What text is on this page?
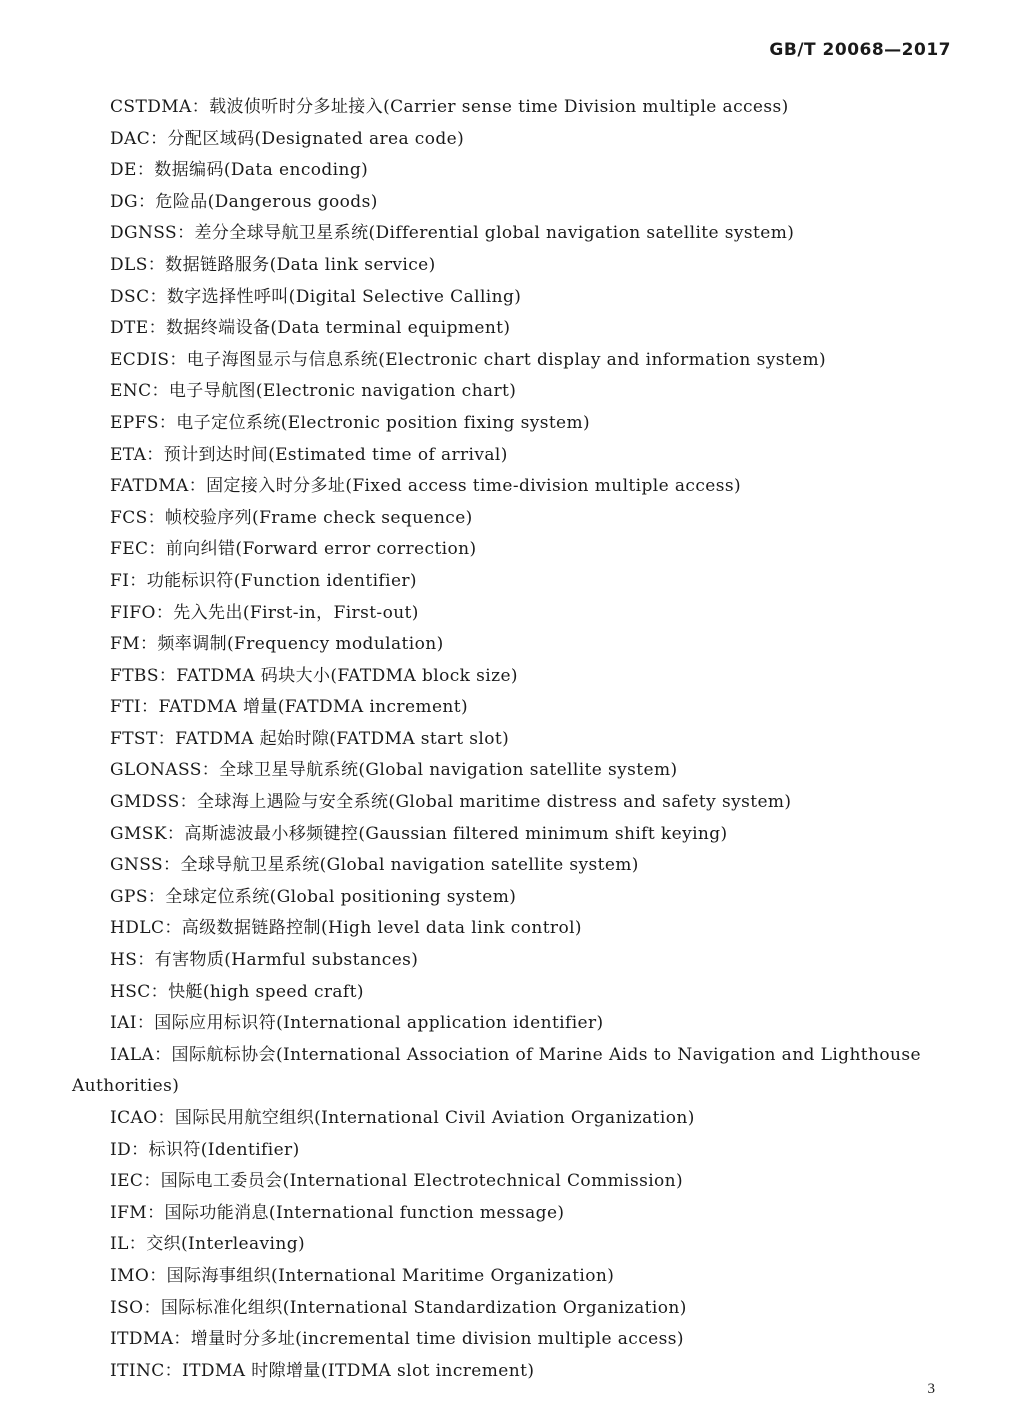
GB/T 20068—2017
CSTDMA：载波侦听时分多址接入(Carrier sense time Division multiple access)
DAC：分配区域码(Designated area code)
DE：数据编码(Data encoding)
DG：危险品(Dangerous goods)
DGNSS：差分全球导航卫星系统(Differential global navigation satellite system)
DLS：数据链路服务(Data link service)
DSC：数字选择性呼叫(Digital Selective Calling)
DTE：数据终端设备(Data terminal equipment)
ECDIS：电子海图显示与信息系统(Electronic chart display and information system)
ENC：电子导航图(Electronic navigation chart)
EPFS：电子定位系统(Electronic position fixing system)
ETA：预计到达时间(Estimated time of arrival)
FATDMA：固定接入时分多址(Fixed access time-division multiple access)
FCS：帧校验序列(Frame check sequence)
FEC：前向纠错(Forward error correction)
FI：功能标识符(Function identifier)
FIFO：先入先出(First-in，First-out)
FM：频率调制(Frequency modulation)
FTBS：FATDMA 码块大小(FATDMA block size)
FTI：FATDMA 增量(FATDMA increment)
FTST：FATDMA 起始时隙(FATDMA start slot)
GLONASS：全球卫星导航系统(Global navigation satellite system)
GMDSS：全球海上遇险与安全系统(Global maritime distress and safety system)
GMSK：高斯滤波最小移频键控(Gaussian filtered minimum shift keying)
GNSS：全球导航卫星系统(Global navigation satellite system)
GPS：全球定位系统(Global positioning system)
HDLC：高级数据链路控制(High level data link control)
HS：有害物质(Harmful substances)
HSC：快艇(high speed craft)
IAI：国际应用标识符(International application identifier)
IALA：国际航标协会(International Association of Marine Aids to Navigation and Lighthouse Authorities)
ICAO：国际民用航空组织(International Civil Aviation Organization)
ID：标识符(Identifier)
IEC：国际电工委员会(International Electrotechnical Commission)
IFM：国际功能消息(International function message)
IL：交织(Interleaving)
IMO：国际海事组织(International Maritime Organization)
ISO：国际标准化组织(International Standardization Organization)
ITDMA：增量时分多址(incremental time division multiple access)
ITINC：ITDMA 时隙增量(ITDMA slot increment)
3
